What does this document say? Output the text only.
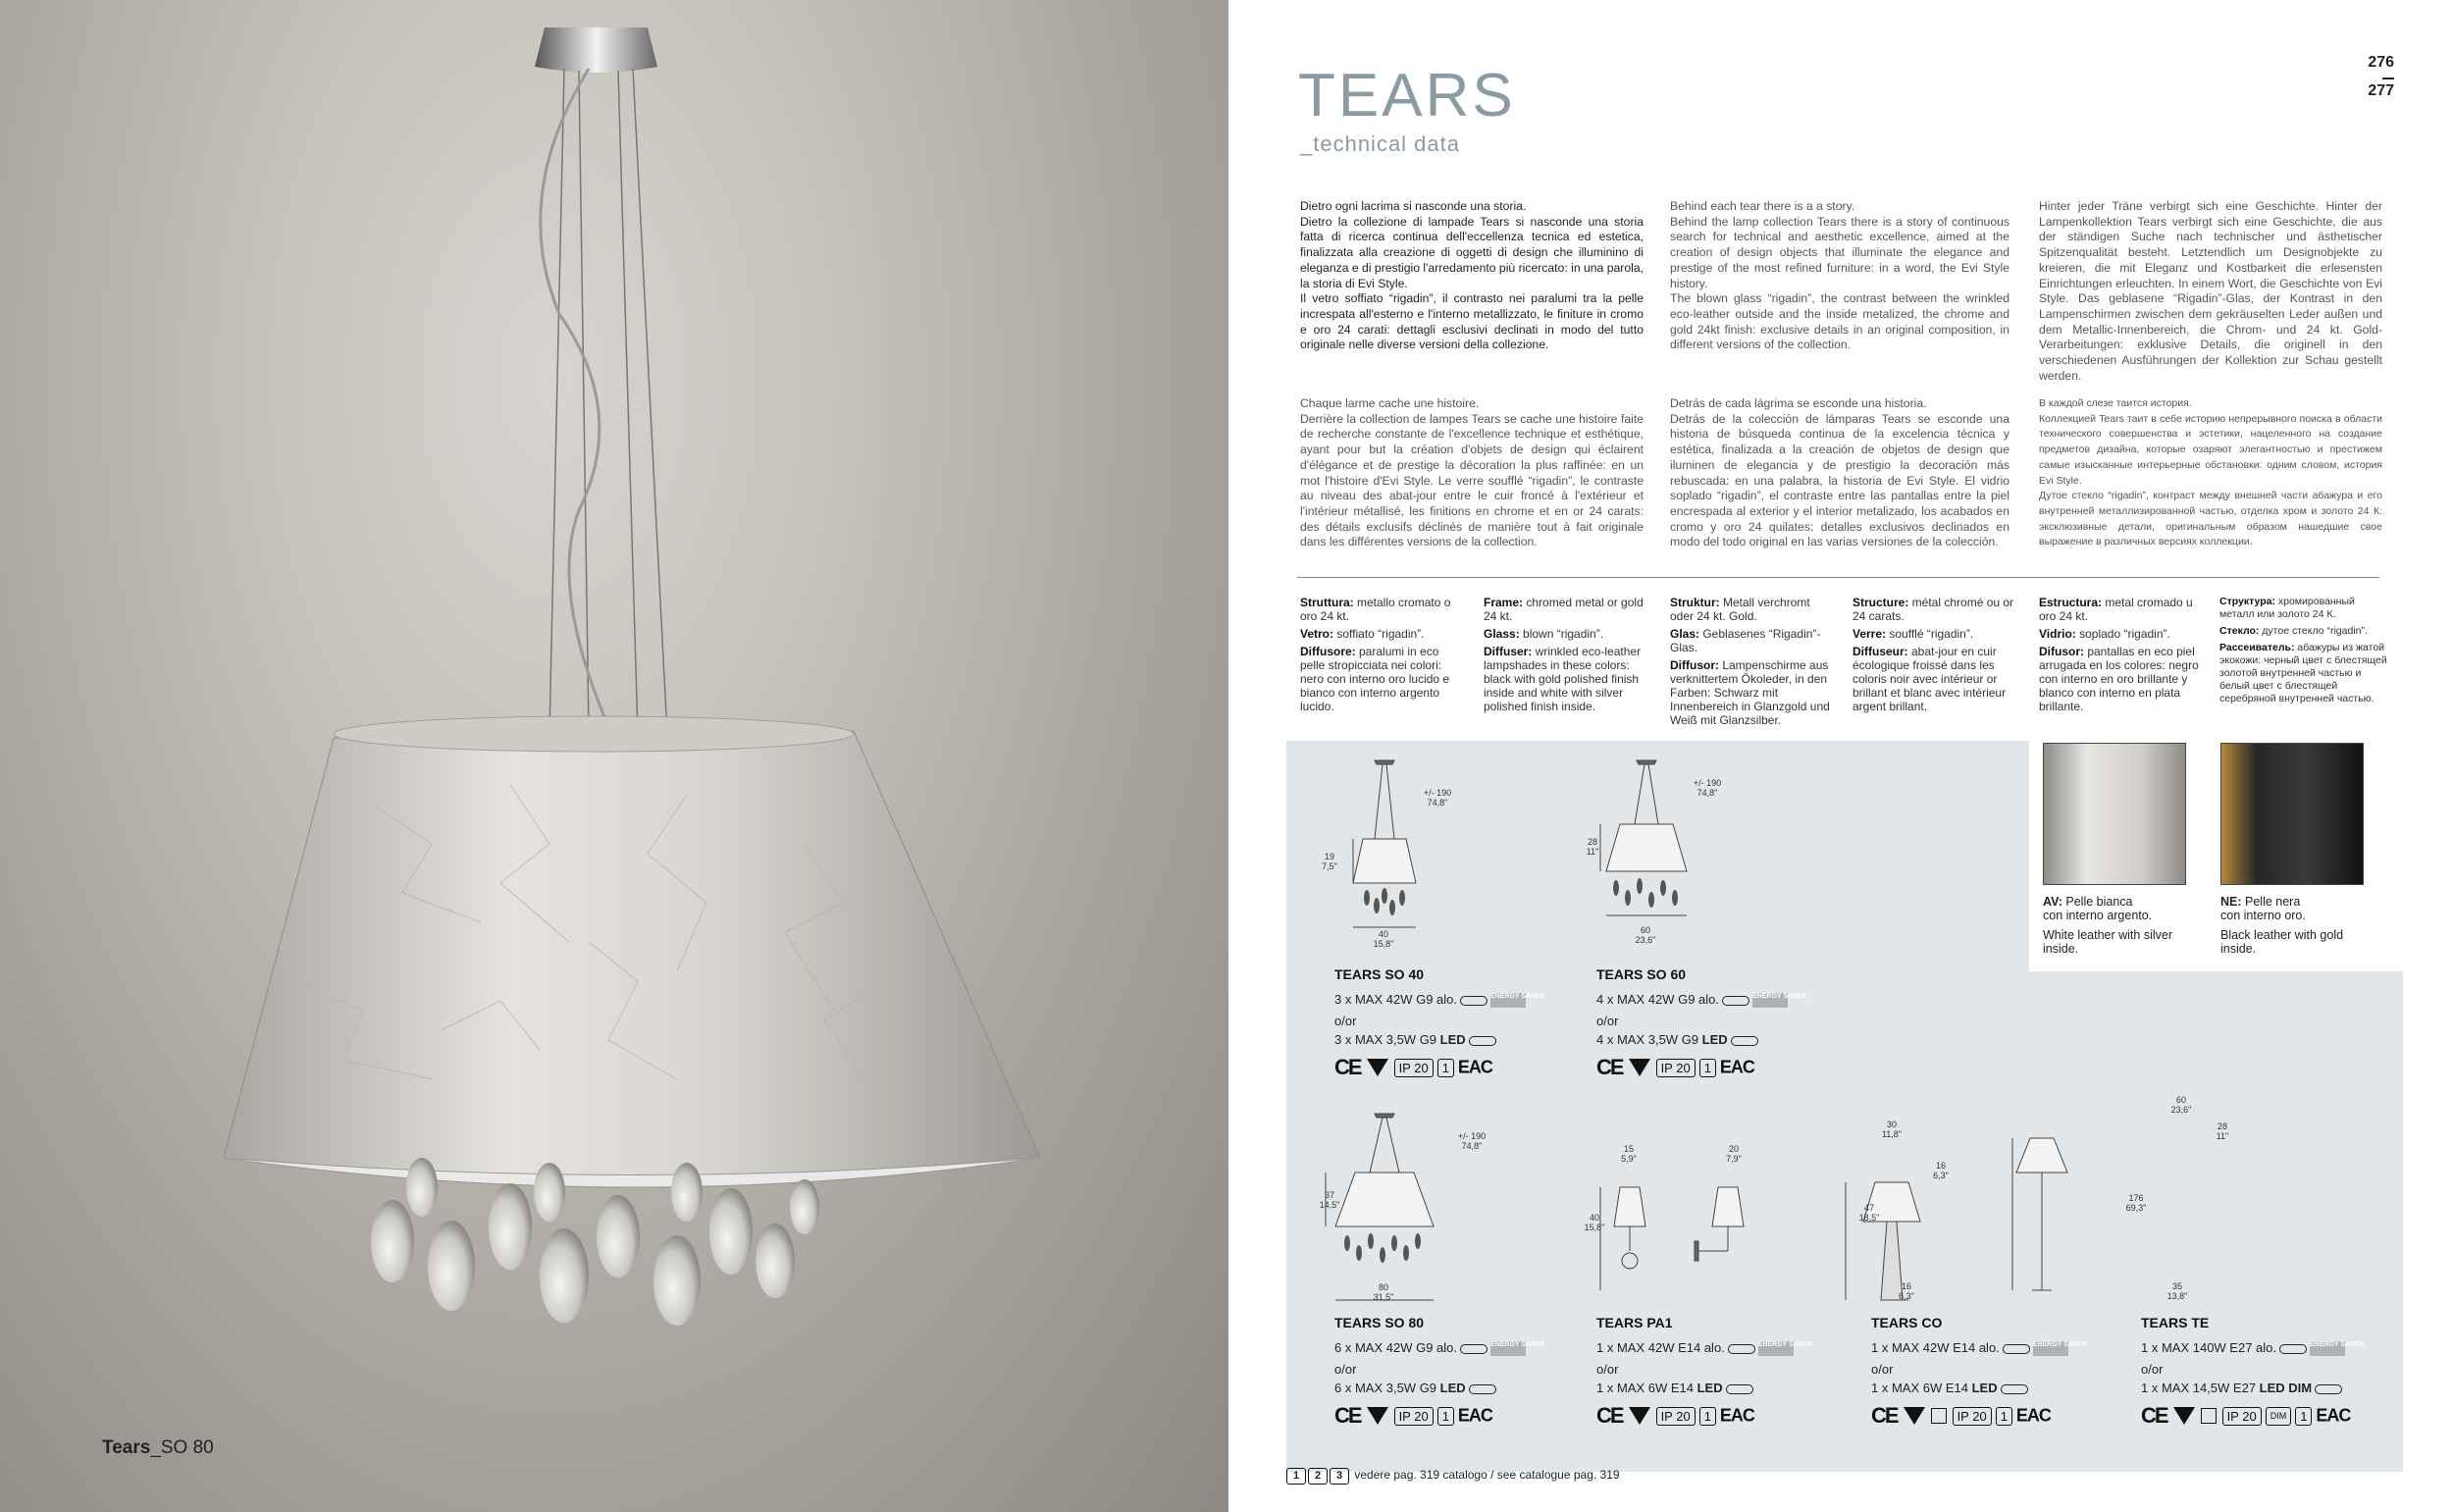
Tears_SO 80
TEARS
_technical data
276
277
Dietro ogni lacrima si nasconde una storia.
Dietro la collezione di lampade Tears si nasconde una storia fatta di ricerca continua dell'eccellenza tecnica ed estetica, finalizzata alla creazione di oggetti di design che illuminino di eleganza e di prestigio l'arredamento più ricercato: in una parola, la storia di Evi Style.
Il vetro soffiato “rigadin”, il contrasto nei paralumi tra la pelle increspata all'esterno e l'interno metallizzato, le finiture in cromo e oro 24 carati: dettagli esclusivi declinati in modo del tutto originale nelle diverse versioni della collezione.
Behind each tear there is a a story.
Behind the lamp collection Tears there is a story of continuous search for technical and aesthetic excellence, aimed at the creation of design objects that illuminate the elegance and prestige of the most refined furniture: in a word, the Evi Style history.
The blown glass “rigadin”, the contrast between the wrinkled eco-leather outside and the inside metalized, the chrome and gold 24kt finish: exclusive details in an original composition, in different versions of the collection.
Hinter jeder Träne verbirgt sich eine Geschichte. Hinter der Lampenkollektion Tears verbirgt sich eine Geschichte, die aus der ständigen Suche nach technischer und ästhetischer Spitzenqualität besteht. Letztendlich um Designobjekte zu kreieren, die mit Eleganz und Kostbarkeit die erlesensten Einrichtungen erleuchten. In einem Wort, die Geschichte von Evi Style. Das geblasene “Rigadin”-Glas, der Kontrast in den Lampenschirmen zwischen dem gekräuselten Leder außen und dem Metallic-Innenbereich, die Chrom- und 24 kt. Gold-Verarbeitungen: exklusive Details, die originell in den verschiedenen Ausführungen der Kollektion zur Schau gestellt werden.
Chaque larme cache une histoire.
Derrière la collection de lampes Tears se cache une histoire faite de recherche constante de l'excellence technique et esthétique, ayant pour but la création d'objets de design qui éclairent d'élégance et de prestige la décoration la plus raffinée: en un mot l'histoire d'Evi Style. Le verre soufflé “rigadin”, le contraste au niveau des abat-jour entre le cuir froncé à l'extérieur et l'intérieur métallisé, les finitions en chrome et en or 24 carats: des détails exclusifs déclinés de manière tout à fait originale dans les différentes versions de la collection.
Detrás de cada lágrima se esconde una historia.
Detrás de la colección de lámparas Tears se esconde una historia de búsqueda continua de la excelencia técnica y estética, finalizada a la creación de objetos de design que iluminen de elegancia y de prestigio la decoración más rebuscada: en una palabra, la historia de Evi Style. El vidrio soplado “rigadin”, el contraste entre las pantallas entre la piel encrespada al exterior y el interior metalizado, los acabados en cromo y oro 24 quilates: detalles exclusivos declinados en modo del todo original en las varias versiones de la colección.
В каждой слезе таится история.
Коллекцией Tears таит в себе историю непрерывного поиска в области технического совершенства и эстетики, нацеленного на создание предметов дизайна, которые озаряют элегантностью и престижем самые изысканные интерьерные обстановки: одним словом, история Evi Style.
Дутое стекло “rigadin”, контраст между внешней части абажура и его внутренней металлизированной частью, отделка хром и золото 24 К: эксклюзивные детали, оригинальным образом нашедшие свое выражение в различных версиях коллекции.

Struttura: metallo cromato o oro 24 kt.

Vetro: soffiato “rigadin”.

Diffusore: paralumi in eco pelle stropicciata nei colori: nero con interno oro lucido e bianco con interno argento lucido.

Frame: chromed metal or gold 24 kt.

Glass: blown “rigadin”.

Diffuser: wrinkled eco-leather lampshades in these colors: black with gold polished finish inside and white with silver polished finish inside.

Struktur: Metall verchromt oder 24 kt. Gold.

Glas: Geblasenes “Rigadin”-Glas.

Diffusor: Lampenschirme aus verknittertem Ökoleder, in den Farben: Schwarz mit Innenbereich in Glanzgold und Weiß mit Glanzsilber.

Structure: métal chromé ou or 24 carats.

Verre: soufflé “rigadin”.

Diffuseur: abat-jour en cuir écologique froissé dans les coloris noir avec intérieur or brillant et blanc avec intérieur argent brillant.

Estructura: metal cromado u oro 24 kt.

Vidrio: soplado “rigadin”.

Difusor: pantallas en eco piel arrugada en los colores: negro con interno en oro brillante y blanco con interno en plata brillante.

Структура: хромированный металл или золото 24 К.

Стекло: дутое стекло “rigadin”.

Рассеиватель: абажуры из жатой экокожи: черный цвет с блестящей золотой внутренней частью и белый цвет с блестящей серебряной внутренней частью.

AV: Pelle bianca
con interno argento.

White leather with silver inside.
NE: Pelle nera
con interno oro.

Black leather with gold inside.
+/- 190
74,8"
19
7,5"
40
15,8"
+/- 190
74,8"
28
11"
60
23,6"
+/- 190
74,8"
37
14,5"
80
31,5"
15
5,9"
20
7,9"
40
15,8"
30
11,8"
47
18,5"
16
6,3"
16
6,3"
60
23,6"
28
11"
176
69,3"
35
13,8"
TEARS SO 40
3 x MAX 42W G9 alo.	ENERGY SAVER
o/or
3 x MAX 3,5W G9 LED
CE	IP 20 1 EAC
TEARS SO 60
4 x MAX 42W G9 alo.	ENERGY SAVER
o/or
4 x MAX 3,5W G9 LED
CE	IP 20 1 EAC
TEARS SO 80
6 x MAX 42W G9 alo.	ENERGY SAVER
o/or
6 x MAX 3,5W G9 LED
CE	IP 20 1 EAC
TEARS PA1
1 x MAX 42W E14 alo.	ENERGY SAVER
o/or
1 x MAX 6W E14 LED
CE	IP 20 1 EAC
TEARS CO
1 x MAX 42W E14 alo.	ENERGY SAVER
o/or
1 x MAX 6W E14 LED
CE	IP 20 1 EAC
TEARS TE
1 x MAX 140W E27 alo.	ENERGY SAVER
o/or
1 x MAX 14,5W E27 LED DIM
CE	IP 20 DIM 1 EAC
1 2 3 vedere pag. 319 catalogo / see catalogue pag. 319
